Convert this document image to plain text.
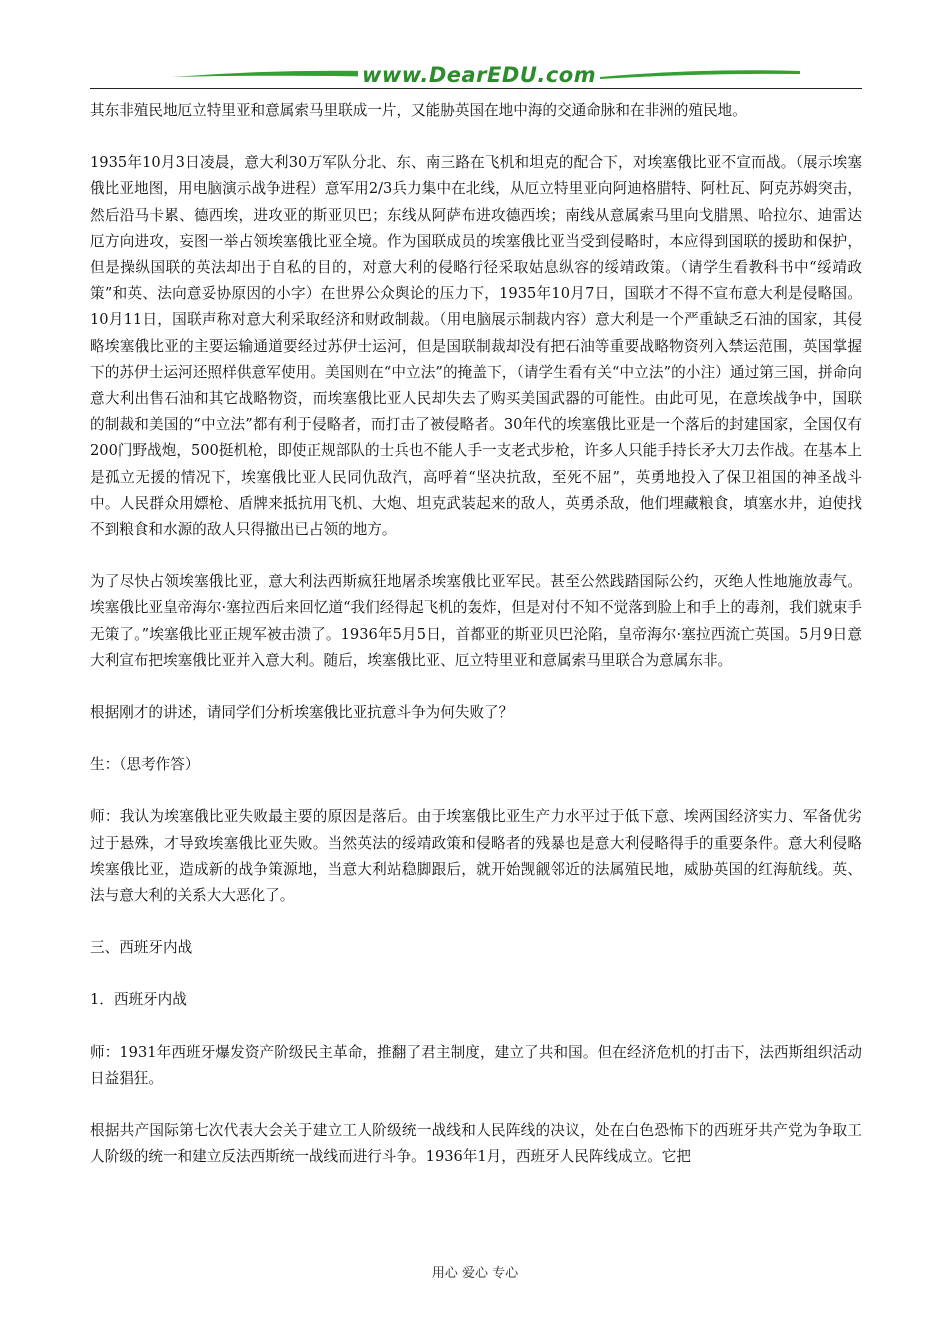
www.DearEDU.com

其东非殖民地厄立特里亚和意属索马里联成一片，又能胁英国在地中海的交通命脉和在非洲的殖民地。

1935年10月3日凌晨，意大利30万军队分北、东、南三路在飞机和坦克的配合下，对埃塞俄比亚不宣而战。（展示埃塞俄比亚地图，用电脑演示战争进程）意军用2/3兵力集中在北线，从厄立特里亚向阿迪格腊特、阿杜瓦、阿克苏姆突击，然后沿马卡累、德西埃，进攻亚的斯亚贝巴；东线从阿萨布进攻德西埃；南线从意属索马里向戈腊黑、哈拉尔、迪雷达厄方向进攻，妄图一举占领埃塞俄比亚全境。作为国联成员的埃塞俄比亚当受到侵略时，本应得到国联的援助和保护，但是操纵国联的英法却出于自私的目的，对意大利的侵略行径采取姑息纵容的绥靖政策。（请学生看教科书中“绥靖政策”和英、法向意妥协原因的小字）在世界公众舆论的压力下，1935年10月7日，国联才不得不宣布意大利是侵略国。10月11日，国联声称对意大利采取经济和财政制裁。（用电脑展示制裁内容）意大利是一个严重缺乏石油的国家，其侵略埃塞俄比亚的主要运输通道要经过苏伊士运河，但是国联制裁却没有把石油等重要战略物资列入禁运范围，英国掌握下的苏伊士运河还照样供意军使用。美国则在“中立法”的掩盖下，（请学生看有关“中立法”的小注）通过第三国，拼命向意大利出售石油和其它战略物资，而埃塞俄比亚人民却失去了购买美国武器的可能性。由此可见，在意埃战争中，国联的制裁和美国的“中立法”都有利于侵略者，而打击了被侵略者。30年代的埃塞俄比亚是一个落后的封建国家，全国仅有200门野战炮，500挺机枪，即使正规部队的士兵也不能人手一支老式步枪，许多人只能手持长矛大刀去作战。在基本上是孤立无援的情况下，埃塞俄比亚人民同仇敌汽，高呼着“坚决抗敌，至死不屈”，英勇地投入了保卫祖国的神圣战斗中。人民群众用嫖枪、盾牌来抵抗用飞机、大炮、坦克武装起来的敌人，英勇杀敌，他们埋藏粮食，填塞水井，迫使找不到粮食和水源的敌人只得撤出已占领的地方。

为了尽快占领埃塞俄比亚，意大利法西斯疯狂地屠杀埃塞俄比亚军民。甚至公然践踏国际公约，灭绝人性地施放毒气。埃塞俄比亚皇帝海尔·塞拉西后来回忆道“我们经得起飞机的轰炸，但是对付不知不觉落到脸上和手上的毒剂，我们就束手无策了。”埃塞俄比亚正规军被击溃了。1936年5月5日，首都亚的斯亚贝巴沦陷，皇帝海尔·塞拉西流亡英国。5月9日意大利宣布把埃塞俄比亚并入意大利。随后，埃塞俄比亚、厄立特里亚和意属索马里联合为意属东非。

根据刚才的讲述，请同学们分析埃塞俄比亚抗意斗争为何失败了？

生：（思考作答）

师：我认为埃塞俄比亚失败最主要的原因是落后。由于埃塞俄比亚生产力水平过于低下意、埃两国经济实力、军备优劣过于悬殊，才导致埃塞俄比亚失败。当然英法的绥靖政策和侵略者的残暴也是意大利侵略得手的重要条件。意大利侵略埃塞俄比亚，造成新的战争策源地，当意大利站稳脚跟后，就开始觊觎邻近的法属殖民地，威胁英国的红海航线。英、法与意大利的关系大大恶化了。

三、西班牙内战

1．西班牙内战

师：1931年西班牙爆发资产阶级民主革命，推翻了君主制度，建立了共和国。但在经济危机的打击下，法西斯组织活动日益猖狂。

根据共产国际第七次代表大会关于建立工人阶级统一战线和人民阵线的决议，处在白色恐怖下的西班牙共产党为争取工人阶级的统一和建立反法西斯统一战线而进行斗争。1936年1月，西班牙人民阵线成立。它把

用心 爱心 专心
